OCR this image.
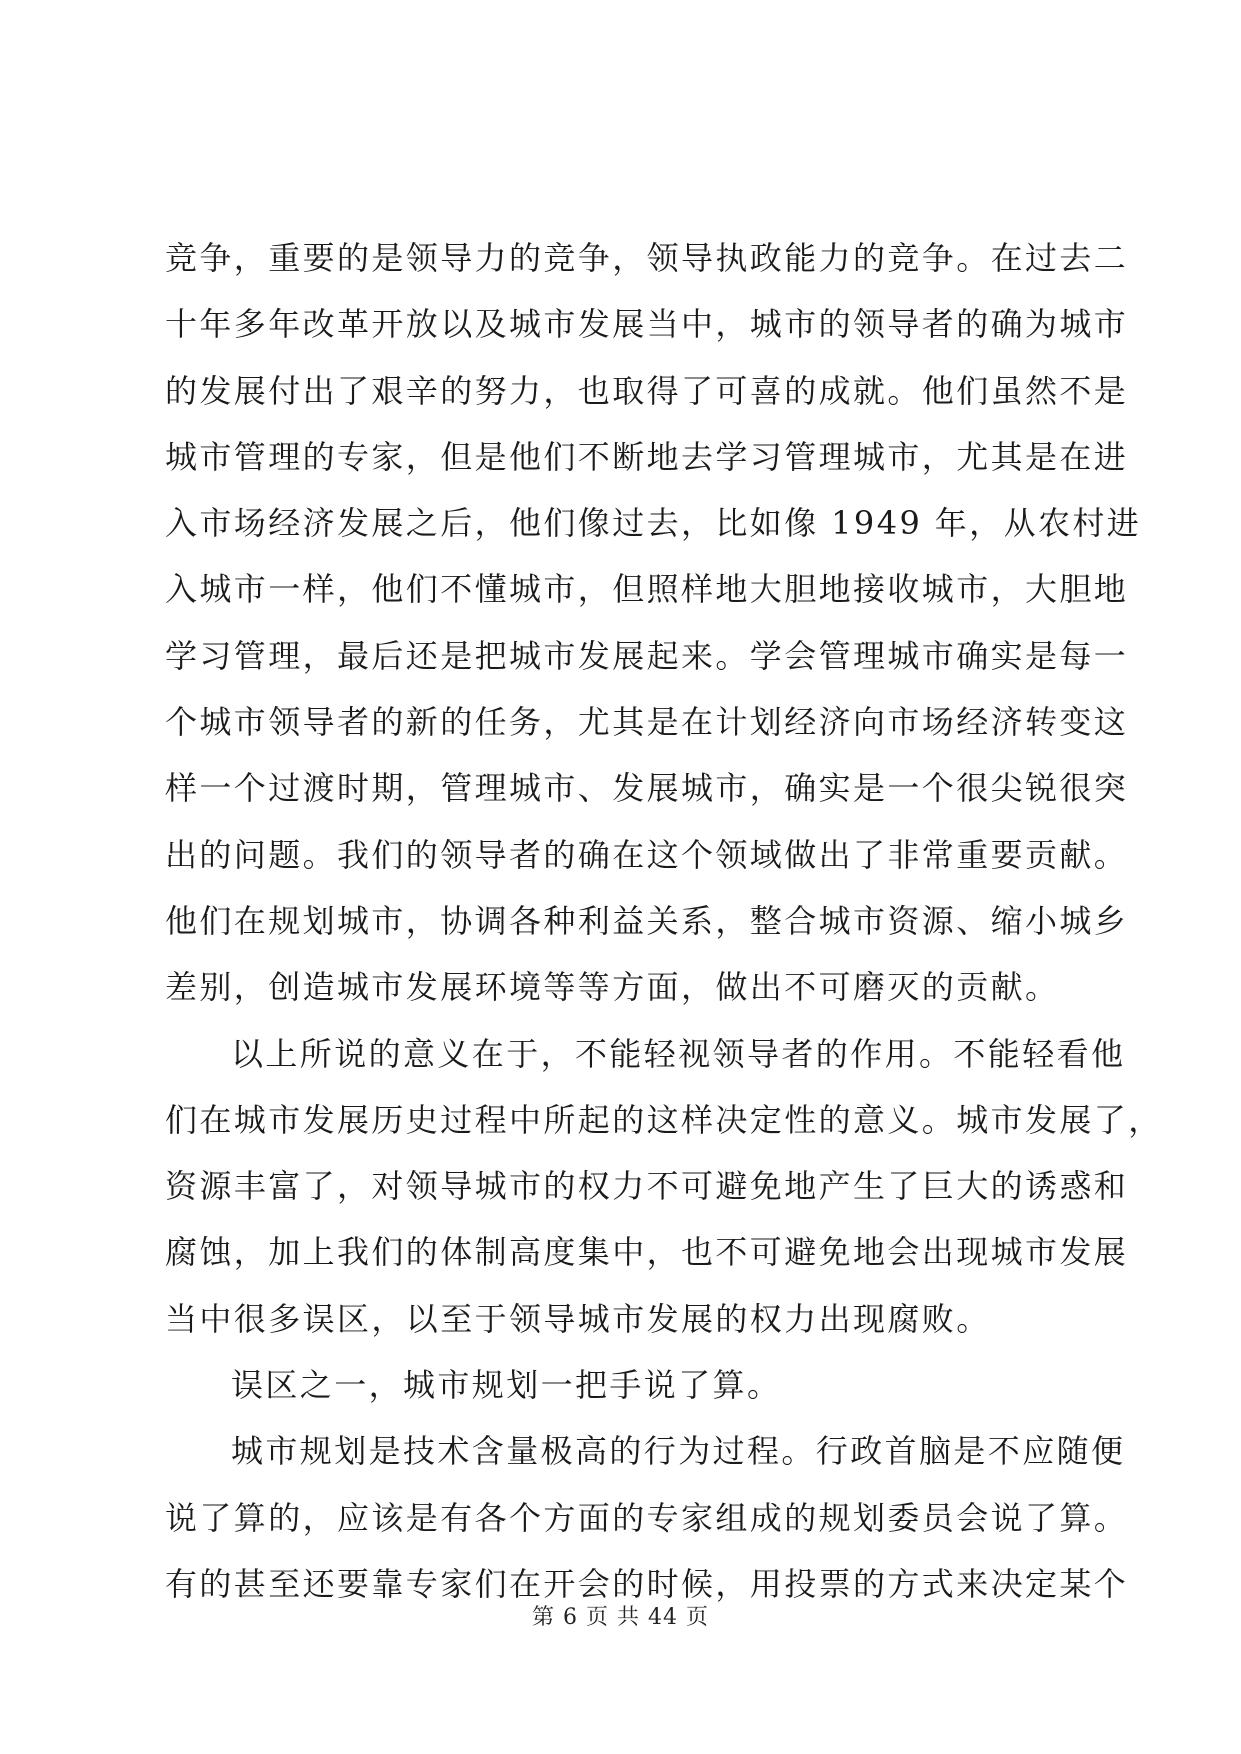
竞争，重要的是领导力的竞争，领导执政能力的竞争。在过去二
十年多年改革开放以及城市发展当中，城市的领导者的确为城市
的发展付出了艰辛的努力，也取得了可喜的成就。他们虽然不是
城市管理的专家，但是他们不断地去学习管理城市，尤其是在进
入市场经济发展之后，他们像过去，比如像 1949 年，从农村进
入城市一样，他们不懂城市，但照样地大胆地接收城市，大胆地
学习管理，最后还是把城市发展起来。学会管理城市确实是每一
个城市领导者的新的任务，尤其是在计划经济向市场经济转变这
样一个过渡时期，管理城市、发展城市，确实是一个很尖锐很突
出的问题。我们的领导者的确在这个领域做出了非常重要贡献。
他们在规划城市，协调各种利益关系，整合城市资源、缩小城乡
差别，创造城市发展环境等等方面，做出不可磨灭的贡献。
以上所说的意义在于，不能轻视领导者的作用。不能轻看他
们在城市发展历史过程中所起的这样决定性的意义。城市发展了，
资源丰富了，对领导城市的权力不可避免地产生了巨大的诱惑和
腐蚀，加上我们的体制高度集中，也不可避免地会出现城市发展
当中很多误区，以至于领导城市发展的权力出现腐败。
误区之一，城市规划一把手说了算。
城市规划是技术含量极高的行为过程。行政首脑是不应随便
说了算的，应该是有各个方面的专家组成的规划委员会说了算。
有的甚至还要靠专家们在开会的时候，用投票的方式来决定某个
第 6 页 共 44 页
